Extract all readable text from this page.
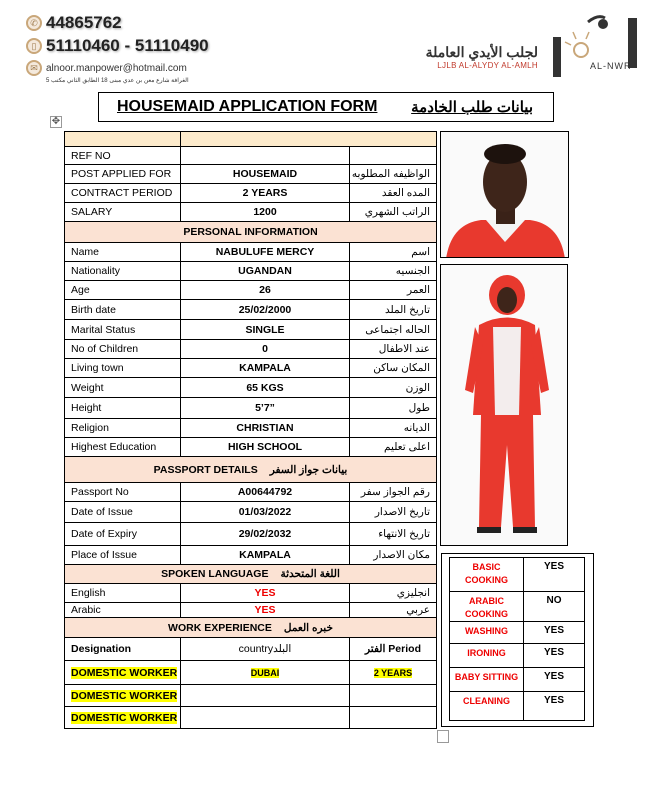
✆ 44865762
▯ 51110460 - 51110490
✉ alnoor.manpower@hotmail.com
الغرافة شارع معن بن عدي مبنى 18 الطابق الثاني مكتب 5
لجلب الأيدي العاملة
LJLB AL-ALYDY AL-AMLH	AL-NWR
HOUSEMAID APPLICATION FORM بيانات طلب الخادمة
✥

REF NO		
POST APPLIED FOR	HOUSEMAID	الواظيفه المطلوبه
CONTRACT PERIOD	2 YEARS	المده العقد
SALARY	1200	الراتب الشهري
PERSONAL INFORMATION		
Name	NABULUFE MERCY	اسم
Nationality	UGANDAN	الجنسيه
Age	26	العمر
Birth date	25/02/2000	تاريخ الملد
Marital Status	SINGLE	الحاله اجتماعى
No of Children	0	عند الاطفال
Living town	KAMPALA	المكان ساكن
Weight	65 KGS	الوزن
Height	5’7”	طول
Religion	CHRISTIAN	الديانه
Highest Education	HIGH SCHOOL	اعلى تعليم
PASSPORT DETAILS بيانات جواز السفر		
Passport No	A00644792	رقم الجواز سفر
Date of Issue	01/03/2022	تاريخ الاصدار
Date of Expiry	29/02/2032	تاريخ الانتهاء
Place of Issue	KAMPALA	مكان الاصدار
SPOKEN LANGUAGE اللغة المتحدثة		
English	YES	انجليزي
Arabic	YES	عربي
WORK EXPERIENCE خبره العمل		
Designation	countryالبلد	الفتر Period
DOMESTIC WORKER	DUBAI	2 YEARS
DOMESTIC WORKER		
DOMESTIC WORKER		
BASIC COOKING	YES
ARABIC COOKING	NO
WASHING	YES
IRONING	YES
BABY SITTING	YES
CLEANING	YES
